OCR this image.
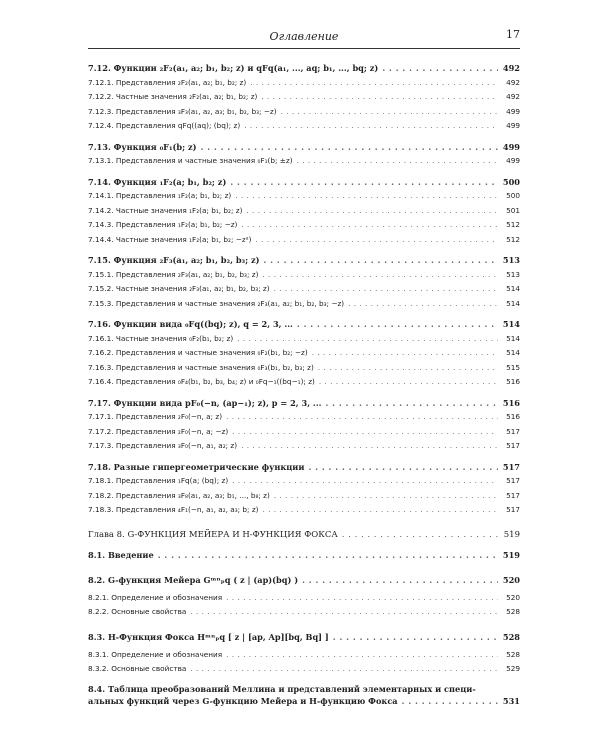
Оглавление	17
7.12. Функции ₂F₂(a₁, a₂; b₁, b₂; z) и qFq(a₁, ..., aq; b₁, ..., bq; z) . . .	492
7.12.1. Представления ₂F₂(a₁, a₂; b₁, b₂; z) . . .	492
7.12.2. Частные значения ₂F₂(a₁, a₂; b₁, b₂; z) . . .	492
7.12.3. Представления ₃F₃(a₁, a₂, a₃; b₁, b₂, b₃; −z) . . .	499
7.12.4. Представления qFq((aq); (bq); z) . . .	499
7.13. Функция ₀F₁(b; z) . . .	499
7.13.1. Представления и частные значения ₀F₁(b; ±z) . . .	499
7.14. Функция ₁F₂(a; b₁, b₂; z) . . .	500
7.14.1. Представления ₁F₂(a; b₁, b₂; z) . . .	500
7.14.2. Частные значения ₁F₂(a; b₁, b₂; z) . . .	501
7.14.3. Представления ₁F₂(a; b₁, b₂; −z) . . .	512
7.14.4. Частные значения ₁F₂(a; b₁, b₂; −z²) . . .	512
7.15. Функция ₂F₃(a₁, a₂; b₁, b₂, b₃; z) . . .	513
7.15.1. Представления ₂F₃(a₁, a₂; b₁, b₂, b₃; z) . . .	513
7.15.2. Частные значения ₂F₃(a₁, a₂; b₁, b₂, b₃; z) . . .	514
7.15.3. Представления и частные значения ₂F₃(a₁, a₂; b₁, b₂, b₃; −z) . . .	514
7.16. Функции вида ₀Fq((bq); z), q = 2, 3, ... . . .	514
7.16.1. Частные значения ₀F₂(b₁, b₂; z) . . .	514
7.16.2. Представления и частные значения ₀F₂(b₁, b₂; −z) . . .	514
7.16.3. Представления и частные значения ₀F₃(b₁, b₂, b₃; z) . . .	515
7.16.4. Представления ₀F₄(b₁, b₂, b₃, b₄; z) и ₀Fq−₁((bq−₁); z) . . .	516
7.17. Функции вида pF₀(−n, (ap−₁); z), p = 2, 3, ... . . .	516
7.17.1. Представления ₂F₀(−n, a; z) . . .	516
7.17.2. Представления ₂F₀(−n, a; −z) . . .	517
7.17.3. Представления ₃F₀(−n, a₁, a₂; z) . . .	517
7.18. Разные гипергеометрические функции . . .	517
7.18.1. Представления ₁Fq(a; (bq); z) . . .	517
7.18.2. Представления ₃F₈(a₁, a₂, a₃; b₁, ..., b₈; z) . . .	517
7.18.3. Представления ₄F₁(−n, a₁, a₂, a₃; b; z) . . .	517
Глава 8. G-ФУНКЦИЯ МЕЙЕРА И H-ФУНКЦИЯ ФОКСА . . .	519
8.1. Введение . . .	519
8.2. G-функция Мейера Gᵐⁿₚq ( z | (ap)(bq) ) . . .	520
8.2.1. Определение и обозначения . . .	520
8.2.2. Основные свойства . . .	528
8.3. H-Функция Фокса Hᵐⁿₚq [ z | [ap, Ap][bq, Bq] ] . . .	528
8.3.1. Определение и обозначения . . .	528
8.3.2. Основные свойства . . .	529
8.4. Таблица преобразований Меллина и представлений элементарных и специ-
альных функций через G-функцию Мейера и H-функцию Фокса . . .	531
